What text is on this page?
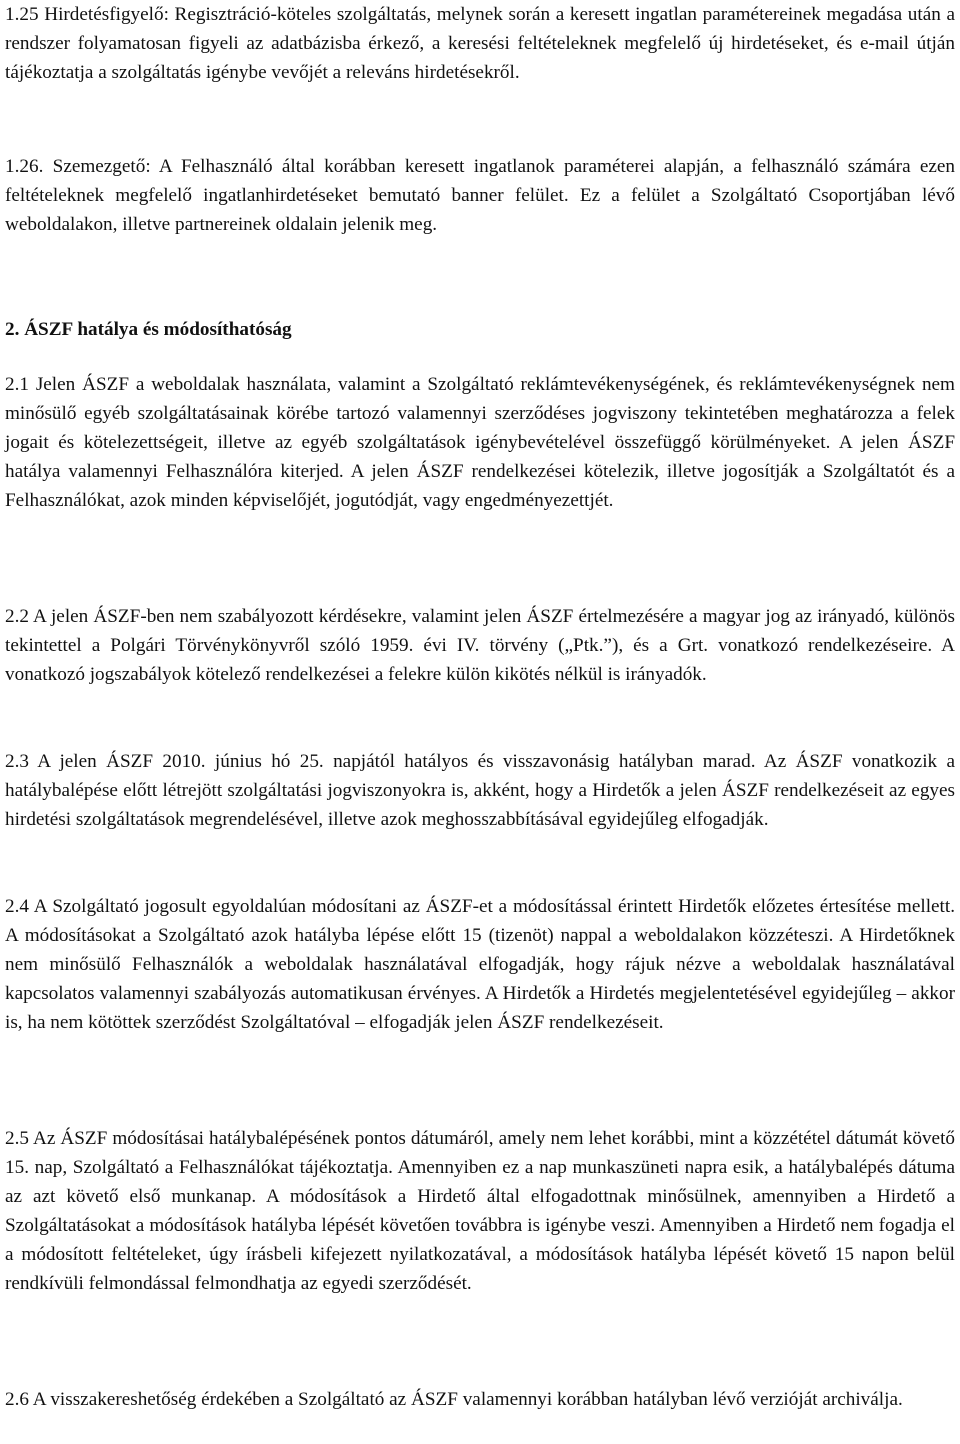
1.25 Hirdetésfigyelő: Regisztráció-köteles szolgáltatás, melynek során a keresett ingatlan paramétereinek megadása után a rendszer folyamatosan figyeli az adatbázisba érkező, a keresési feltételeknek megfelelő új hirdetéseket, és e-mail útján tájékoztatja a szolgáltatás igénybe vevőjét a releváns hirdetésekről.

1.26. Szemezgető: A Felhasználó által korábban keresett ingatlanok paraméterei alapján, a felhasználó számára ezen feltételeknek megfelelő ingatlanhirdetéseket bemutató banner felület. Ez a felület a Szolgáltató Csoportjában lévő weboldalakon, illetve partnereinek oldalain jelenik meg.

2. ÁSZF hatálya és módosíthatóság

2.1 Jelen ÁSZF a weboldalak használata, valamint a Szolgáltató reklámtevékenységének, és reklámtevékenységnek nem minősülő egyéb szolgáltatásainak körébe tartozó valamennyi szerződéses jogviszony tekintetében meghatározza a felek jogait és kötelezettségeit, illetve az egyéb szolgáltatások igénybevételével összefüggő körülményeket. A jelen ÁSZF hatálya valamennyi Felhasználóra kiterjed. A jelen ÁSZF rendelkezései kötelezik, illetve jogosítják a Szolgáltatót és a Felhasználókat, azok minden képviselőjét, jogutódját, vagy engedményezettjét.

2.2 A jelen ÁSZF-ben nem szabályozott kérdésekre, valamint jelen ÁSZF értelmezésére a magyar jog az irányadó, különös tekintettel a Polgári Törvénykönyvről szóló 1959. évi IV. törvény („Ptk.”), és a Grt. vonatkozó rendelkezéseire. A vonatkozó jogszabályok kötelező rendelkezései a felekre külön kikötés nélkül is irányadók.

2.3 A jelen ÁSZF 2010. június hó 25. napjától hatályos és visszavonásig hatályban marad. Az ÁSZF vonatkozik a hatálybalépése előtt létrejött szolgáltatási jogviszonyokra is, akként, hogy a Hirdetők a jelen ÁSZF rendelkezéseit az egyes hirdetési szolgáltatások megrendelésével, illetve azok meghosszabbításával egyidejűleg elfogadják.

2.4 A Szolgáltató jogosult egyoldalúan módosítani az ÁSZF-et a módosítással érintett Hirdetők előzetes értesítése mellett. A módosításokat a Szolgáltató azok hatályba lépése előtt 15 (tizenöt) nappal a weboldalakon közzéteszi. A Hirdetőknek nem minősülő Felhasználók a weboldalak használatával elfogadják, hogy rájuk nézve a weboldalak használatával kapcsolatos valamennyi szabályozás automatikusan érvényes. A Hirdetők a Hirdetés megjelentetésével egyidejűleg – akkor is, ha nem kötöttek szerződést Szolgáltatóval – elfogadják jelen ÁSZF rendelkezéseit.

2.5 Az ÁSZF módosításai hatálybalépésének pontos dátumáról, amely nem lehet korábbi, mint a közzététel dátumát követő 15. nap, Szolgáltató a Felhasználókat tájékoztatja. Amennyiben ez a nap munkaszüneti napra esik, a hatálybalépés dátuma az azt követő első munkanap. A módosítások a Hirdető által elfogadottnak minősülnek, amennyiben a Hirdető a Szolgáltatásokat a módosítások hatályba lépését követően továbbra is igénybe veszi. Amennyiben a Hirdető nem fogadja el a módosított feltételeket, úgy írásbeli kifejezett nyilatkozatával, a módosítások hatályba lépését követő 15 napon belül rendkívüli felmondással felmondhatja az egyedi szerződését.

2.6 A visszakereshetőség érdekében a Szolgáltató az ÁSZF valamennyi korábban hatályban lévő verzióját archiválja.
